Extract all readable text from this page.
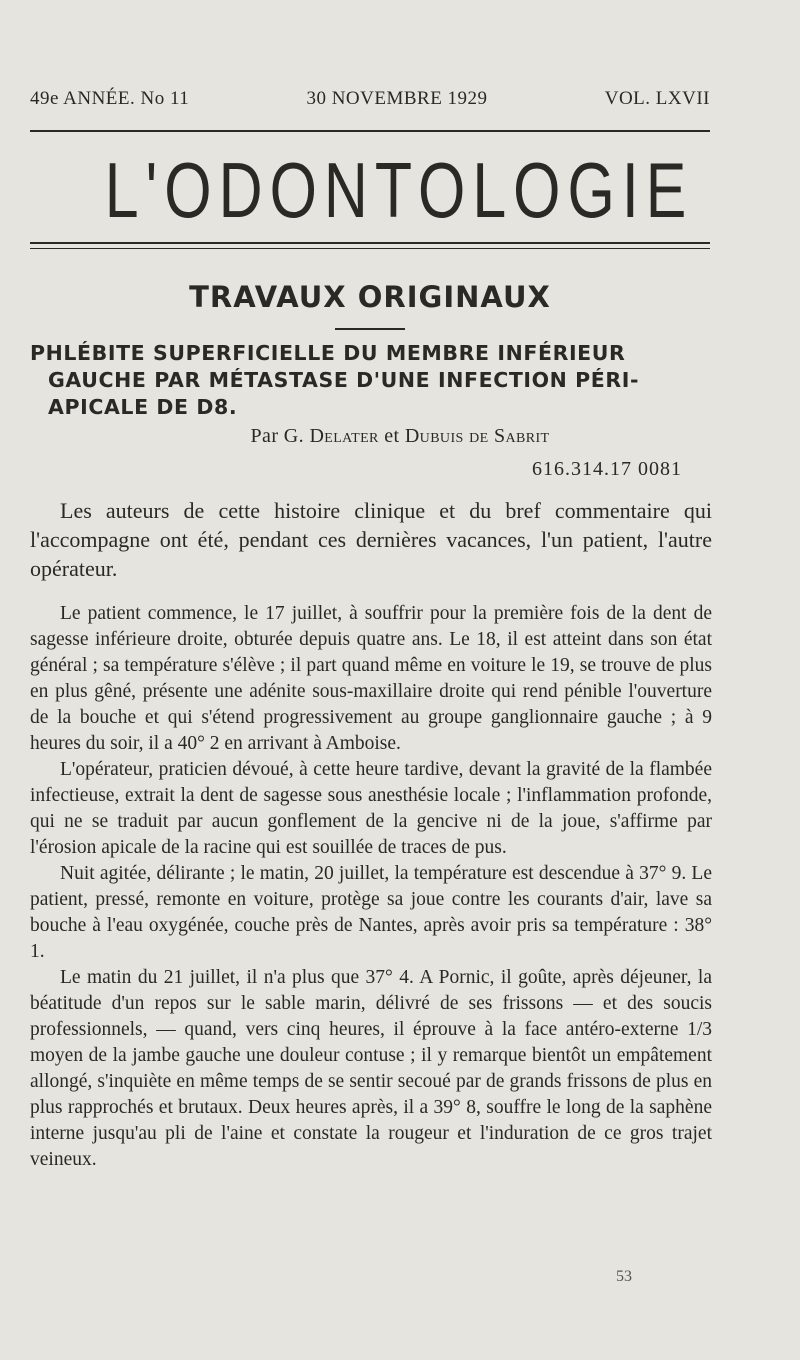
49e ANNÉE. No 11	30 NOVEMBRE 1929	VOL. LXVII
L'ODONTOLOGIE
TRAVAUX ORIGINAUX
PHLÉBITE SUPERFICIELLE DU MEMBRE INFÉRIEUR
GAUCHE PAR MÉTASTASE D'UNE INFECTION PÉRI-
APICALE DE D8.
Par G. Delater et Dubuis de Sabrit
616.314.17 0081

Les auteurs de cette histoire clinique et du bref commentaire qui l'accompagne ont été, pendant ces dernières vacances, l'un patient, l'autre opérateur.

Le patient commence, le 17 juillet, à souffrir pour la première fois de la dent de sagesse inférieure droite, obturée depuis quatre ans. Le 18, il est atteint dans son état général ; sa température s'élève ; il part quand même en voiture le 19, se trouve de plus en plus gêné, présente une adénite sous-maxillaire droite qui rend pénible l'ouverture de la bouche et qui s'étend progressivement au groupe ganglionnaire gauche ; à 9 heures du soir, il a 40° 2 en arrivant à Amboise.

L'opérateur, praticien dévoué, à cette heure tardive, devant la gravité de la flambée infectieuse, extrait la dent de sagesse sous anesthésie locale ; l'inflammation profonde, qui ne se traduit par aucun gonflement de la gencive ni de la joue, s'affirme par l'érosion apicale de la racine qui est souillée de traces de pus.

Nuit agitée, délirante ; le matin, 20 juillet, la température est descendue à 37° 9. Le patient, pressé, remonte en voiture, protège sa joue contre les courants d'air, lave sa bouche à l'eau oxygénée, couche près de Nantes, après avoir pris sa température : 38° 1.

Le matin du 21 juillet, il n'a plus que 37° 4. A Pornic, il goûte, après déjeuner, la béatitude d'un repos sur le sable marin, délivré de ses frissons — et des soucis professionnels, — quand, vers cinq heures, il éprouve à la face antéro-externe 1/3 moyen de la jambe gauche une douleur contuse ; il y remarque bientôt un empâtement allongé, s'inquiète en même temps de se sentir secoué par de grands frissons de plus en plus rapprochés et brutaux. Deux heures après, il a 39° 8, souffre le long de la saphène interne jusqu'au pli de l'aine et constate la rougeur et l'induration de ce gros trajet veineux.

53
